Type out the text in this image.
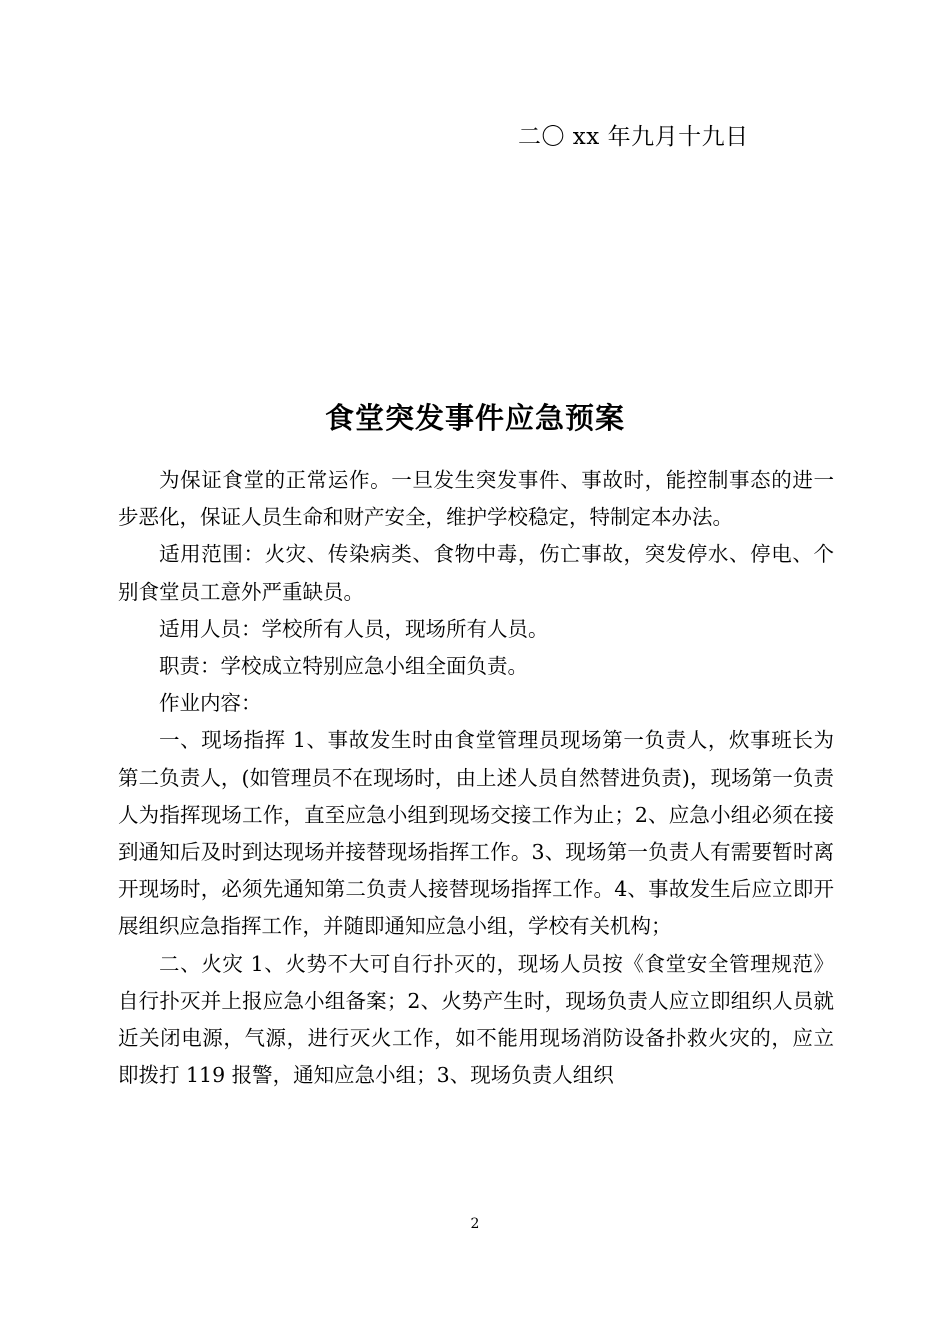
二〇 xx 年九月十九日
食堂突发事件应急预案

为保证食堂的正常运作。一旦发生突发事件、事故时，能控制事态的进一步恶化，保证人员生命和财产安全，维护学校稳定，特制定本办法。

适用范围：火灾、传染病类、食物中毒，伤亡事故，突发停水、停电、个别食堂员工意外严重缺员。

适用人员：学校所有人员，现场所有人员。

职责：学校成立特别应急小组全面负责。

作业内容：

一、现场指挥 1、事故发生时由食堂管理员现场第一负责人，炊事班长为第二负责人，(如管理员不在现场时，由上述人员自然替进负责)，现场第一负责人为指挥现场工作，直至应急小组到现场交接工作为止；2、应急小组必须在接到通知后及时到达现场并接替现场指挥工作。3、现场第一负责人有需要暂时离开现场时，必须先通知第二负责人接替现场指挥工作。4、事故发生后应立即开展组织应急指挥工作，并随即通知应急小组，学校有关机构；

二、火灾 1、火势不大可自行扑灭的，现场人员按《食堂安全管理规范》自行扑灭并上报应急小组备案；2、火势产生时，现场负责人应立即组织人员就近关闭电源，气源，进行灭火工作，如不能用现场消防设备扑救火灾的，应立即拨打 119 报警，通知应急小组；3、现场负责人组织

2
